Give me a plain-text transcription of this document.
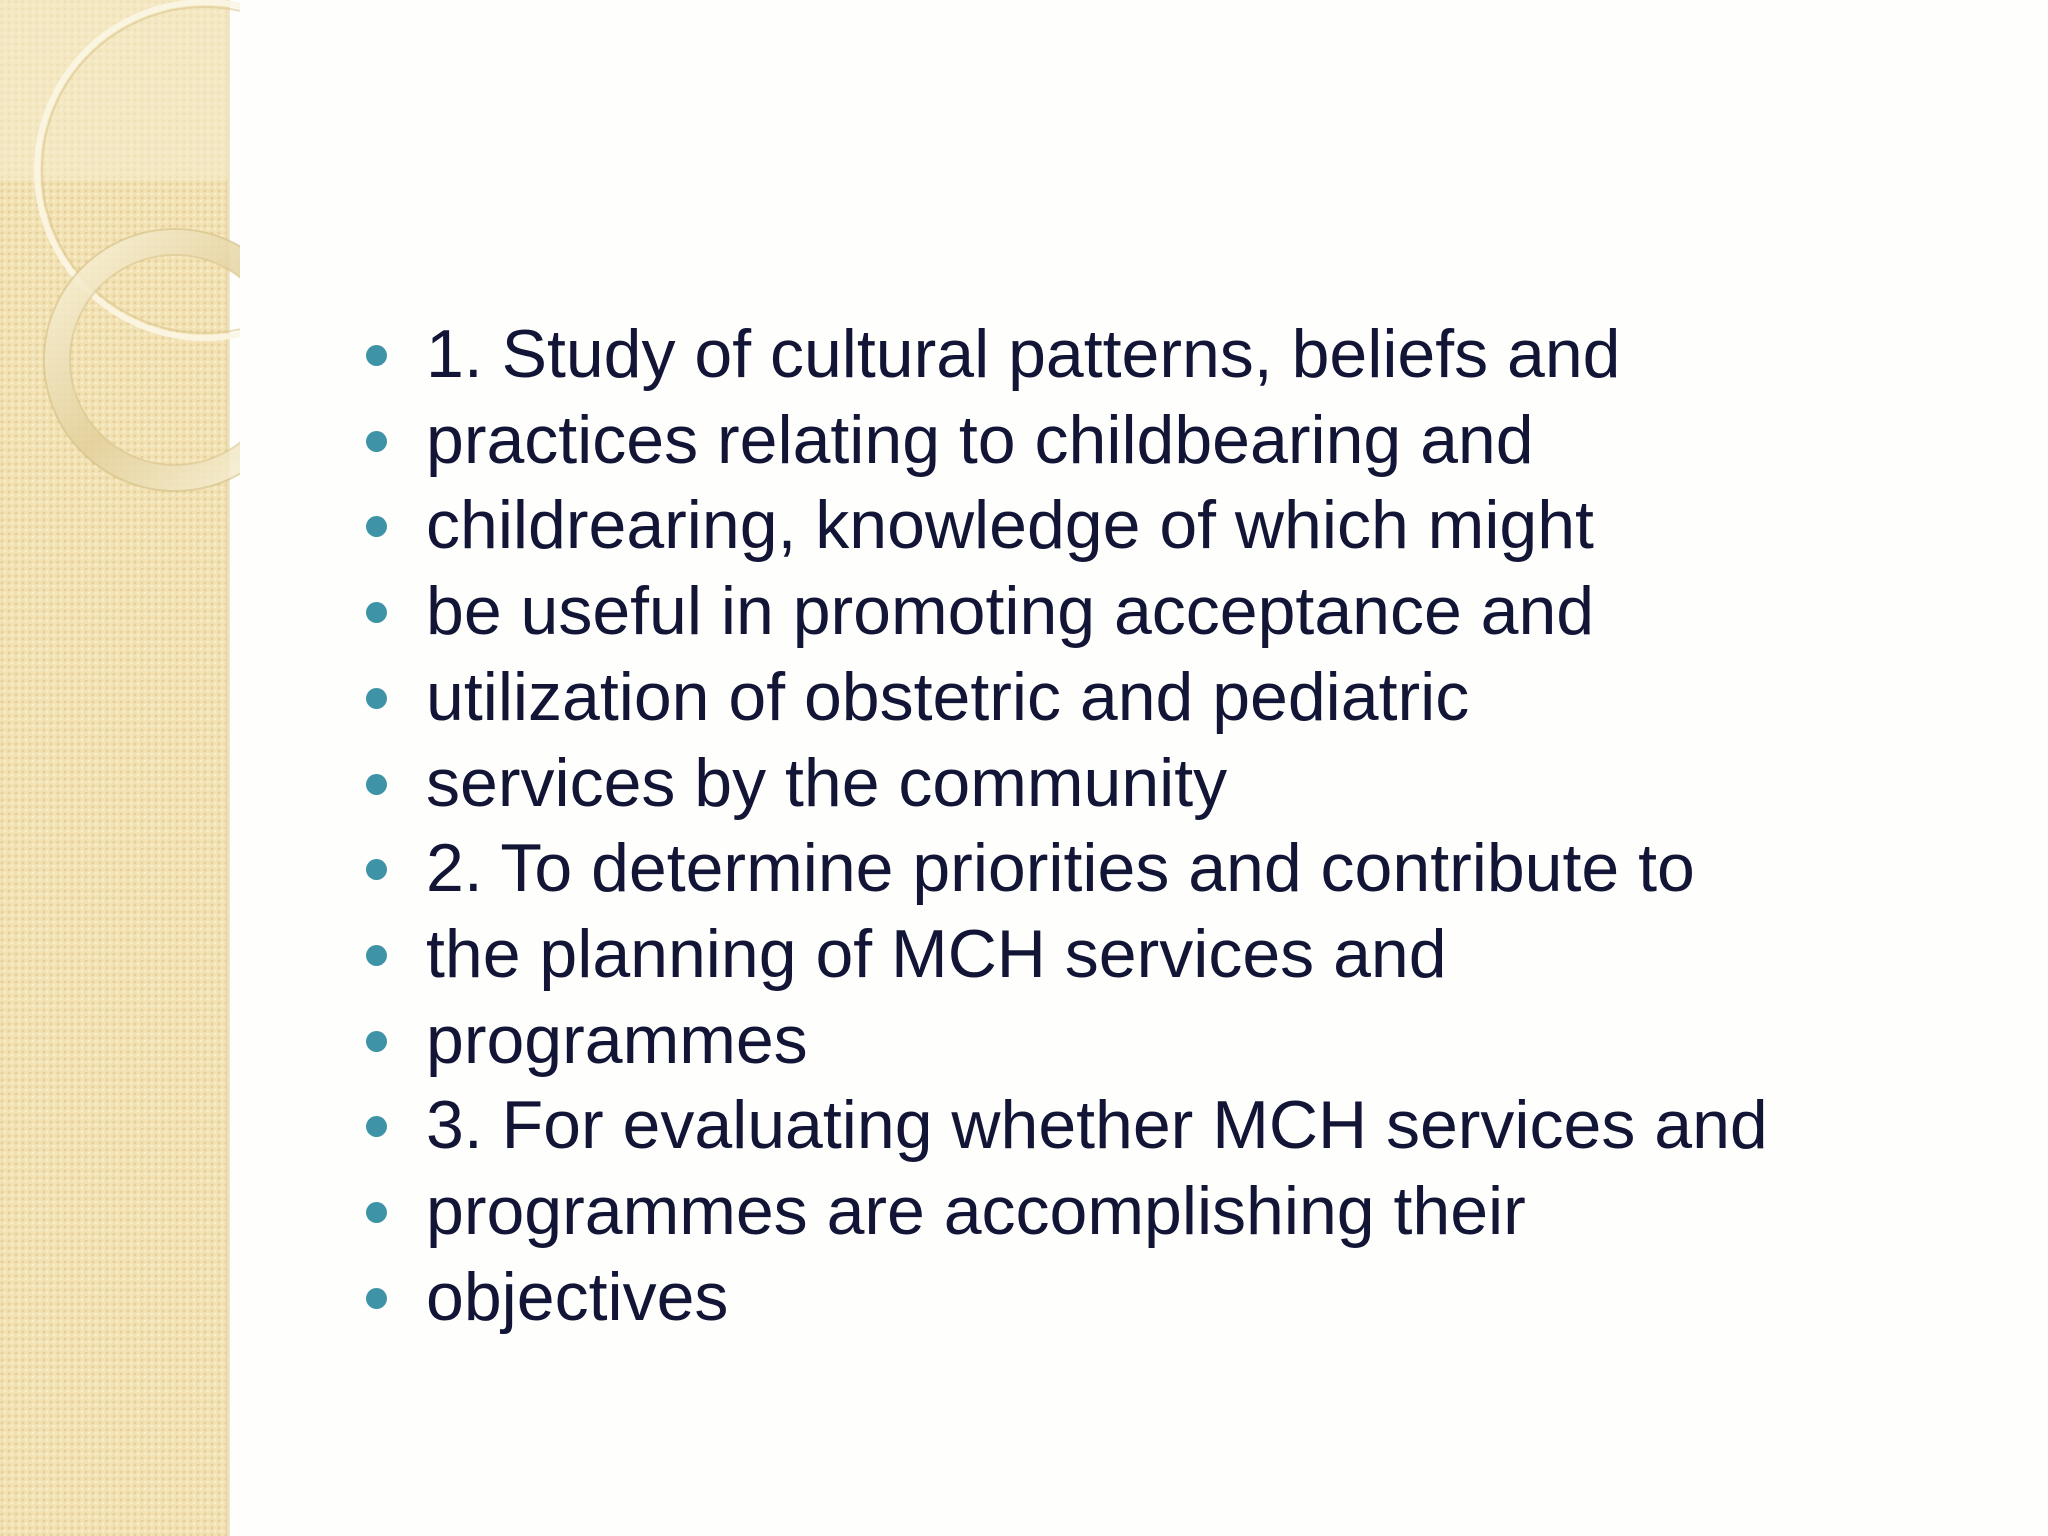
1. Study of cultural patterns, beliefs and
practices relating to childbearing and
childrearing, knowledge of which might
be useful in promoting acceptance and
utilization of obstetric and pediatric
services by the community
2. To determine priorities and contribute to
the planning of MCH services and
programmes
3. For evaluating whether MCH services and
programmes are accomplishing their
objectives
